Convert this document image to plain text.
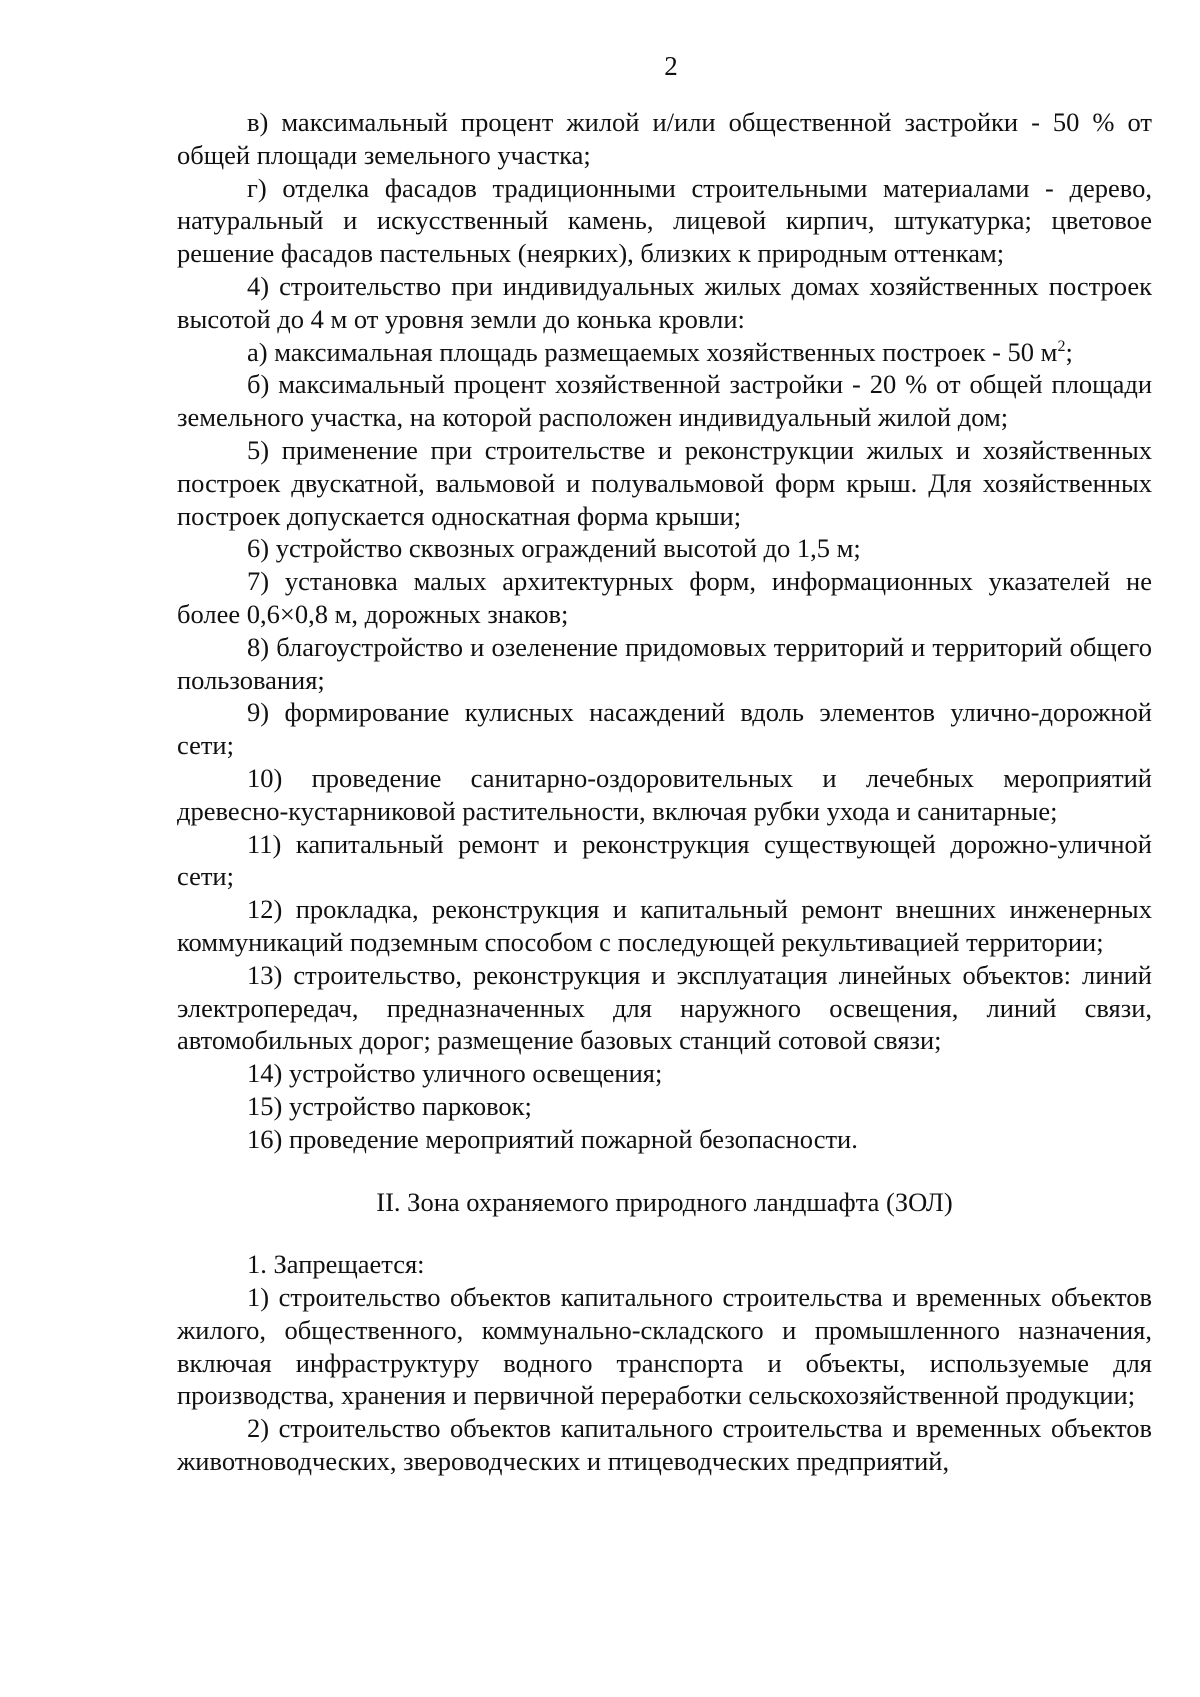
2

в) максимальный процент жилой и/или общественной застройки - 50 % от общей площади земельного участка;

г) отделка фасадов традиционными строительными материалами - дерево, натуральный и искусственный камень, лицевой кирпич, штукатурка; цветовое решение фасадов пастельных (неярких), близких к природным оттенкам;

4) строительство при индивидуальных жилых домах хозяйственных построек высотой до 4 м от уровня земли до конька кровли:

а) максимальная площадь размещаемых хозяйственных построек - 50 $м^2$;

б) максимальный процент хозяйственной застройки - 20 % от общей площади земельного участка, на которой расположен индивидуальный жилой дом;

5) применение при строительстве и реконструкции жилых и хозяйственных построек двускатной, вальмовой и полувальмовой форм крыш. Для хозяйственных построек допускается односкатная форма крыши;

6) устройство сквозных ограждений высотой до 1,5 м;

7) установка малых архитектурных форм, информационных указателей не более 0,6×0,8 м, дорожных знаков;

8) благоустройство и озеленение придомовых территорий и территорий общего пользования;

9) формирование кулисных насаждений вдоль элементов улично-дорожной сети;

10) проведение санитарно-оздоровительных и лечебных мероприятий древесно-кустарниковой растительности, включая рубки ухода и санитарные;

11) капитальный ремонт и реконструкция существующей дорожно-уличной сети;

12) прокладка, реконструкция и капитальный ремонт внешних инженерных коммуникаций подземным способом с последующей рекультивацией территории;

13) строительство, реконструкция и эксплуатация линейных объектов: линий электропередач, предназначенных для наружного освещения, линий связи, автомобильных дорог; размещение базовых станций сотовой связи;

14) устройство уличного освещения;

15) устройство парковок;

16) проведение мероприятий пожарной безопасности.

II. Зона охраняемого природного ландшафта (ЗОЛ)

1. Запрещается:

1) строительство объектов капитального строительства и временных объектов жилого, общественного, коммунально-складского и промышленного назначения, включая инфраструктуру водного транспорта и объекты, используемые для производства, хранения и первичной переработки сельскохозяйственной продукции;

2) строительство объектов капитального строительства и временных объектов животноводческих, звероводческих и птицеводческих предприятий,
